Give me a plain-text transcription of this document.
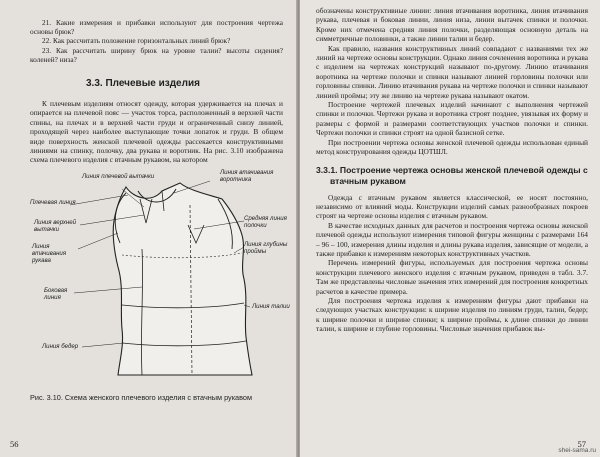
21. Какие измерения и прибавки используют для построения чертежа основы брюк?

22. Как рассчитать положение горизонтальных линий брюк?

23. Как рассчитать ширину брюк на уровне талии? высоты сидения? коленей? низа?

3.3. Плечевые изделия

К плечевым изделиям относят одежду, которая удерживается на плечах и опирается на плечевой пояс — участок торса, расположенный в верхней части спины, на плечах и в верхней части груди и ограниченный снизу линией, проходящей через наиболее выступающие точки лопаток и груди. В общем виде поверхность женской плечевой одежды рассекается конструктивными линиями на спинку, полочку, два рукава и воротник. На рис. 3.10 изображена схема плечевого изделия с втачным рукавом, на котором

Линия плечевой вытачки
Линия втачивания воротника
Плечевая линия
Линия верхней вытачки
Средняя линия полочки
Линия втачивания рукава
Линия глубины проймы
Боковая линия
Линия талии
Линия бедер
Рис. 3.10. Схема женского плечевого изделия с втачным рукавом
56

обозначены конструктивные линии: линия втачивания воротника, линия втачивания рукава, плечевая и боковая линии, линия низа, линии вытачек спинки и полочки. Кроме них отмечена средняя линия полочки, разделяющая основную деталь на симметричные половинки, а также линии талии и бедер.

Как правило, названия конструктивных линий совпадают с названиями тех же линий на чертеже основы конструкции. Однако линия сочленения воротника и рукава с изделием на чертежах конструкций называют по-другому. Линию втачивания воротника на чертеже полочки и спинки называют линией горловины полочки или горловины спинки. Линию втачивания рукава на чертеже полочки и спинки называют линией проймы; эту же линию на чертеже рукава называют окатом.

Построение чертежей плечевых изделий начинают с выполнения чертежей спинки и полочки. Чертежи рукава и воротника строят позднее, увязывая их форму и размеры с формой и размерами соответствующих участков полочки и спинки. Чертежи полочки и спинки строят на одной базисной сетке.

При построении чертежа основы женской плечевой одежды использован единый метод конструирования одежды ЦОТШЛ.

3.3.1. Построение чертежа основы женской плечевой одежды с втачным рукавом

Одежда с втачным рукавом является классической, ее носят постоянно, независимо от влияний моды. Конструкции изделий самых разнообразных покроев строят на чертеже основы изделия с втачным рукавом.

В качестве исходных данных для расчетов и построения чертежа основы женской плечевой одежды используют измерения типовой фигуры женщины с размерами 164 – 96 – 100, измерения длины изделия и длины рукава изделия, зависящие от модели, а также прибавки к измерениям некоторых конструктивных участков.

Перечень измерений фигуры, используемых для построения чертежа основы конструкции плечевого женского изделия с втачным рукавом, приведен в табл. 3.7. Там же представлены числовые значения этих измерений для построения конкретных расчетов в качестве примера.

Для построения чертежа изделия к измерениям фигуры дают прибавки на следующих участках конструкции: к ширине изделия по линиям груди, талии, бедер; к ширине полочки и ширине спинки; к ширине проймы, к длине спинки до линии талии, к ширине и глубине горловины. Числовые значения прибавок вы-

57
shei-sama.ru
